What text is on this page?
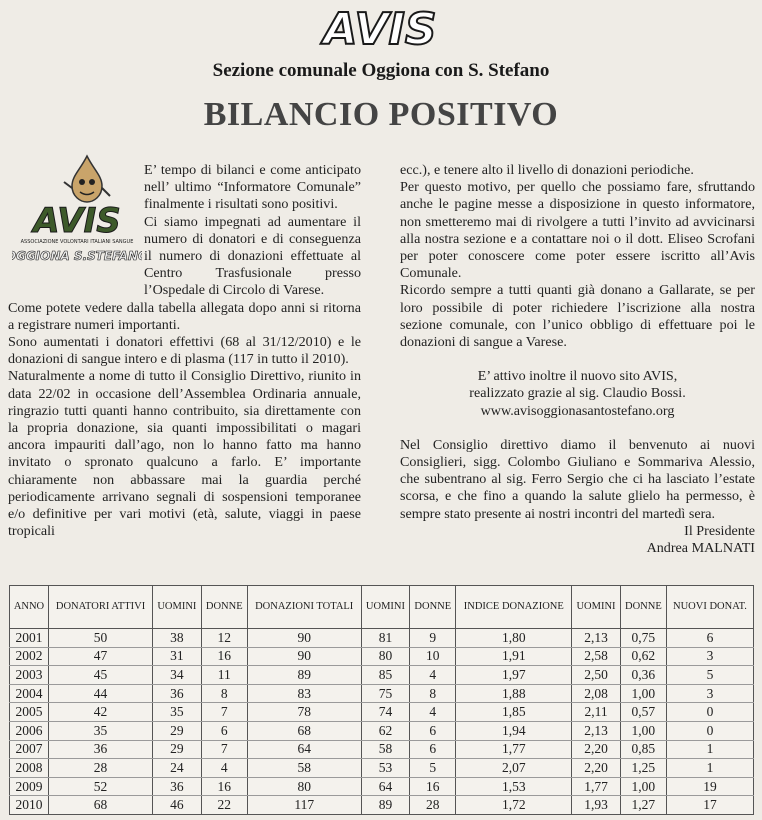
AVIS
Sezione comunale Oggiona con S. Stefano
BILANCIO POSITIVO
AVIS
ASSOCIAZIONE VOLONTARI ITALIANI SANGUE
OGGIONA S.STEFANO

E’ tempo di bilanci e come anticipato nell’ ultimo “Informatore Comunale” finalmente i risultati sono positivi.

Ci siamo impegnati ad aumentare il numero di donatori e di conseguenza il numero di donazioni effettuate al Centro Trasfusionale presso l’Ospedale di Circolo di Varese.

Come potete vedere dalla tabella allegata dopo anni si ritorna a registrare numeri importanti.

Sono aumentati i donatori effettivi (68 al 31/12/2010) e le donazioni di sangue intero e di plasma (117 in tutto il 2010).

Naturalmente a nome di tutto il Consiglio Direttivo, riunito in data 22/02 in occasione dell’Assemblea Ordinaria annuale, ringrazio tutti quanti hanno contribuito, sia direttamente con la propria donazione, sia quanti impossibilitati o magari ancora impauriti dall’ago, non lo hanno fatto ma hanno invitato o spronato qualcuno a farlo. E’ importante chiaramente non abbassare mai la guardia perché periodicamente arrivano segnali di sospensioni temporanee e/o definitive per vari motivi (età, salute, viaggi in paese tropicali

ecc.), e tenere alto il livello di donazioni periodiche.

Per questo motivo, per quello che possiamo fare, sfruttando anche le pagine messe a disposizione in questo informatore, non smetteremo mai di rivolgere a tutti l’invito ad avvicinarsi alla nostra sezione e a contattare noi o il dott. Eliseo Scrofani per poter conoscere come poter essere iscritto all’Avis Comunale.

Ricordo sempre a tutti quanti già donano a Gallarate, se per loro possibile di poter richiedere l’iscrizione alla nostra sezione comunale, con l’unico obbligo di effettuare poi le donazioni di sangue a Varese.

E’ attivo inoltre il nuovo sito AVIS,

realizzato grazie al sig. Claudio Bossi.

www.avisoggionasantostefano.org

Nel Consiglio direttivo diamo il benvenuto ai nuovi Consiglieri, sigg. Colombo Giuliano e Sommariva Alessio, che subentrano al sig. Ferro Sergio che ci ha lasciato l’estate scorsa, e che fino a quando la salute glielo ha permesso, è sempre stato presente ai nostri incontri del martedì sera.

Il Presidente

Andrea MALNATI

ANNO	DONATORI ATTIVI	UOMINI	DONNE	DONAZIONI TOTALI	UOMINI	DONNE	INDICE DONAZIONE	UOMINI	DONNE	NUOVI DONAT.
2001	50	38	12	90	81	9	1,80	2,13	0,75	6
2002	47	31	16	90	80	10	1,91	2,58	0,62	3
2003	45	34	11	89	85	4	1,97	2,50	0,36	5
2004	44	36	8	83	75	8	1,88	2,08	1,00	3
2005	42	35	7	78	74	4	1,85	2,11	0,57	0
2006	35	29	6	68	62	6	1,94	2,13	1,00	0
2007	36	29	7	64	58	6	1,77	2,20	0,85	1
2008	28	24	4	58	53	5	2,07	2,20	1,25	1
2009	52	36	16	80	64	16	1,53	1,77	1,00	19
2010	68	46	22	117	89	28	1,72	1,93	1,27	17
